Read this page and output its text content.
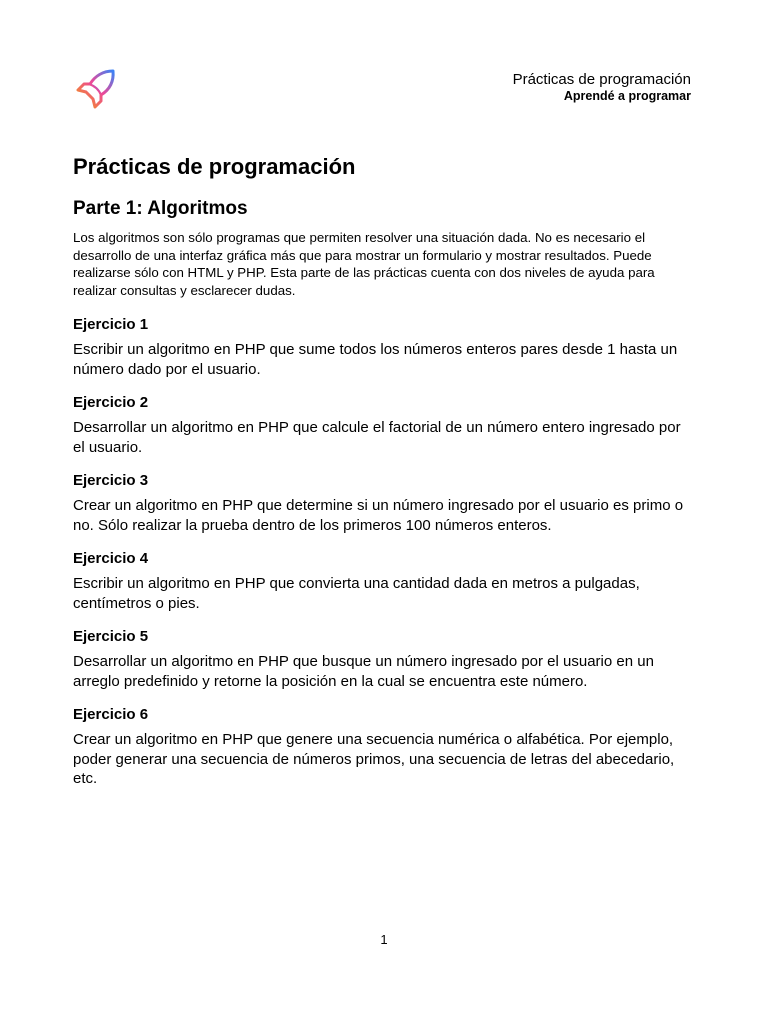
Prácticas de programación
Aprendé a programar
Prácticas de programación
Parte 1: Algoritmos

Los algoritmos son sólo programas que permiten resolver una situación dada. No es necesario el desarrollo de una interfaz gráfica más que para mostrar un formulario y mostrar resultados. Puede realizarse sólo con HTML y PHP. Esta parte de las prácticas cuenta con dos niveles de ayuda para realizar consultas y esclarecer dudas.

Ejercicio 1

Escribir un algoritmo en PHP que sume todos los números enteros pares desde 1 hasta un número dado por el usuario.

Ejercicio 2

Desarrollar un algoritmo en PHP que calcule el factorial de un número entero ingresado por el usuario.

Ejercicio 3

Crear un algoritmo en PHP que determine si un número ingresado por el usuario es primo o no. Sólo realizar la prueba dentro de los primeros 100 números enteros.

Ejercicio 4

Escribir un algoritmo en PHP que convierta una cantidad dada en metros a pulgadas, centímetros o pies.

Ejercicio 5

Desarrollar un algoritmo en PHP que busque un número ingresado por el usuario en un arreglo predefinido y retorne la posición en la cual se encuentra este número.

Ejercicio 6

Crear un algoritmo en PHP que genere una secuencia numérica o alfabética. Por ejemplo, poder generar una secuencia de números primos, una secuencia de letras del abecedario, etc.

1
